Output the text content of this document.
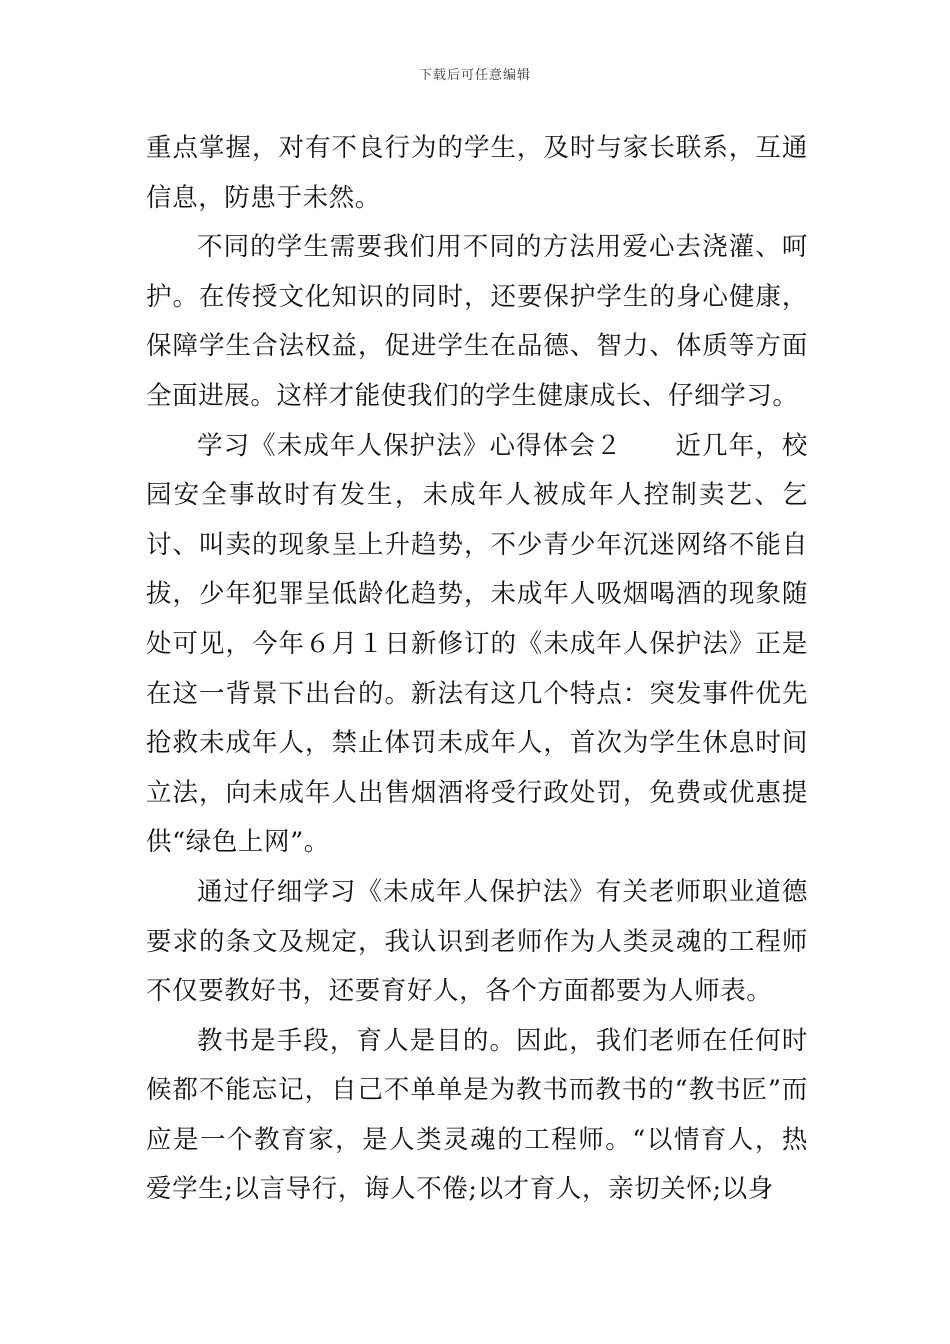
下载后可任意编辑

重点掌握，对有不良行为的学生，及时与家长联系，互通信息，防患于未然。

不同的学生需要我们用不同的方法用爱心去浇灌、呵护。在传授文化知识的同时，还要保护学生的身心健康，保障学生合法权益，促进学生在品德、智力、体质等方面全面进展。这样才能使我们的学生健康成长、仔细学习。

学习《未成年人保护法》心得体会２　　近几年，校园安全事故时有发生，未成年人被成年人控制卖艺、乞讨、叫卖的现象呈上升趋势，不少青少年沉迷网络不能自拔，少年犯罪呈低龄化趋势，未成年人吸烟喝酒的现象随处可见，今年６月１日新修订的《未成年人保护法》正是在这一背景下出台的。新法有这几个特点：突发事件优先抢救未成年人，禁止体罚未成年人，首次为学生休息时间立法，向未成年人出售烟酒将受行政处罚，免费或优惠提供“绿色上网”。

通过仔细学习《未成年人保护法》有关老师职业道德要求的条文及规定，我认识到老师作为人类灵魂的工程师不仅要教好书，还要育好人，各个方面都要为人师表。

教书是手段，育人是目的。因此，我们老师在任何时候都不能忘记，自己不单单是为教书而教书的“教书匠”而应是一个教育家，是人类灵魂的工程师。“以情育人，热爱学生;以言导行，诲人不倦;以才育人，亲切关怀;以身
